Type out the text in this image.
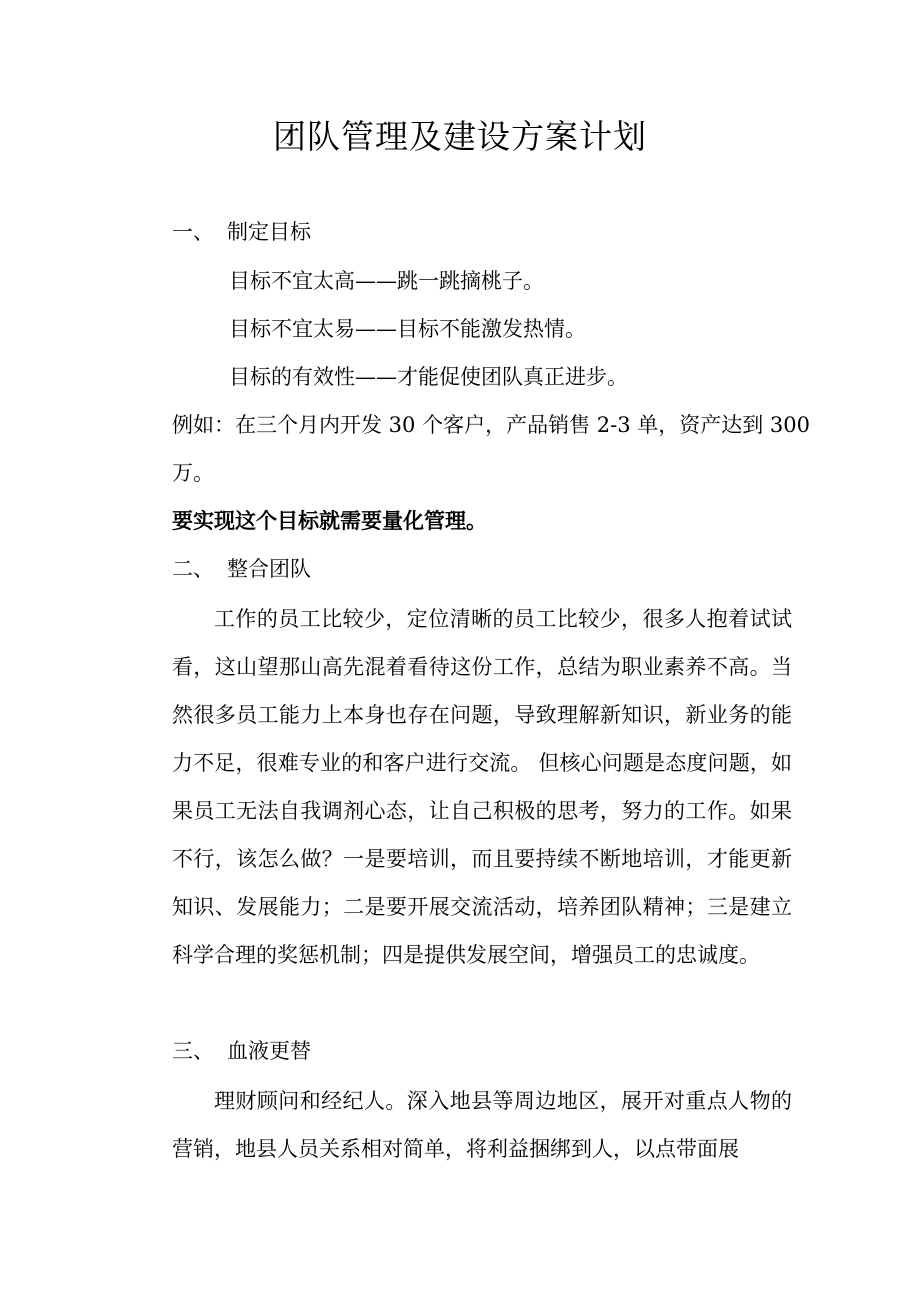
团队管理及建设方案计划
一、 制定目标
目标不宜太高——跳一跳摘桃子。
目标不宜太易——目标不能激发热情。
目标的有效性——才能促使团队真正进步。
例如：在三个月内开发 30 个客户，产品销售 2-3 单，资产达到 300
万。
要实现这个目标就需要量化管理。
二、 整合团队

工作的员工比较少，定位清晰的员工比较少，很多人抱着试试看，这山望那山高先混着看待这份工作，总结为职业素养不高。当然很多员工能力上本身也存在问题，导致理解新知识，新业务的能力不足，很难专业的和客户进行交流。 但核心问题是态度问题，如果员工无法自我调剂心态，让自己积极的思考，努力的工作。如果不行，该怎么做？一是要培训，而且要持续不断地培训，才能更新知识、发展能力；二是要开展交流活动，培养团队精神；三是建立科学合理的奖惩机制；四是提供发展空间，增强员工的忠诚度。

三、 血液更替

理财顾问和经纪人。深入地县等周边地区，展开对重点人物的营销，地县人员关系相对简单，将利益捆绑到人，以点带面展
